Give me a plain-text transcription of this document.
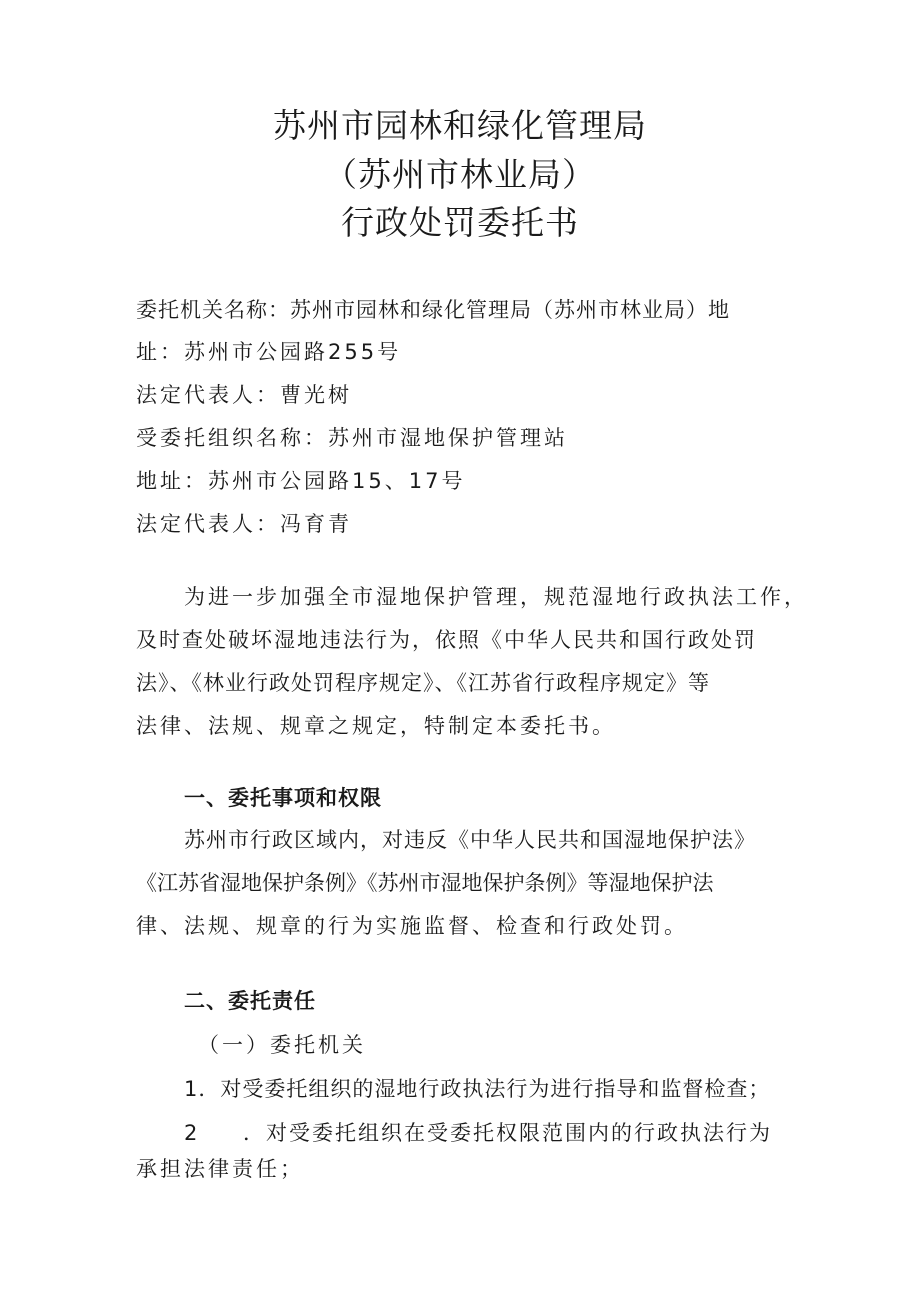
苏州市园林和绿化管理局
（苏州市林业局）
行政处罚委托书
委托机关名称：苏州市园林和绿化管理局（苏州市林业局）地
址：苏州市公园路255号
法定代表人：曹光树
受委托组织名称：苏州市湿地保护管理站
地址：苏州市公园路15、17号
法定代表人：冯育青
为进一步加强全市湿地保护管理，规范湿地行政执法工作，
及时查处破坏湿地违法行为，依照《中华人民共和国行政处罚
法》、《林业行政处罚程序规定》、《江苏省行政程序规定》等
法律、法规、规章之规定，特制定本委托书。
一、委托事项和权限
苏州市行政区域内，对违反《中华人民共和国湿地保护法》
《江苏省湿地保护条例》《苏州市湿地保护条例》等湿地保护法
律、法规、规章的行为实施监督、检查和行政处罚。
二、委托责任
（一）委托机关
1．对受委托组织的湿地行政执法行为进行指导和监督检查；
2 ．对受委托组织在受委托权限范围内的行政执法行为
承担法律责任；
